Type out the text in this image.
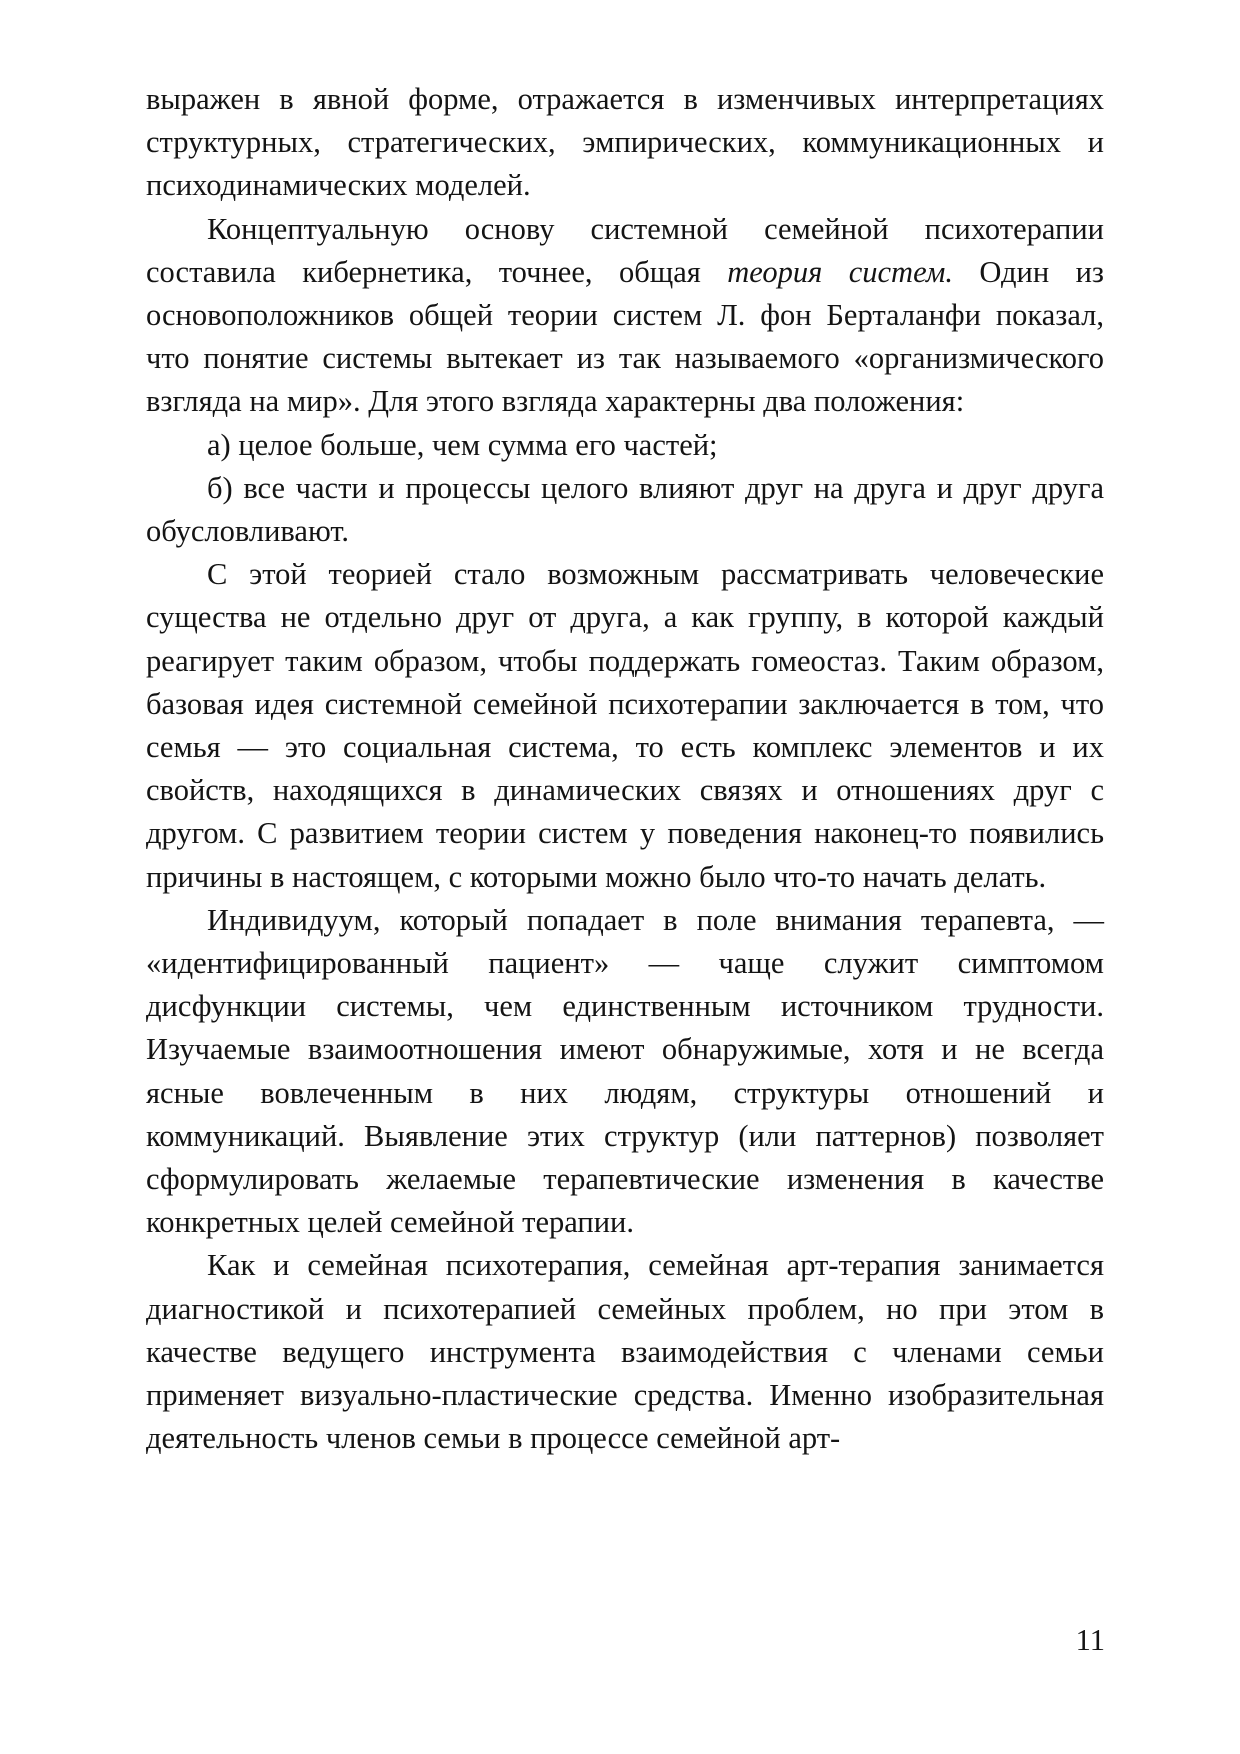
выражен в явной форме, отражается в изменчивых интерпретациях структурных, стратегических, эмпирических, коммуникационных и психодинамических моделей.

Концептуальную основу системной семейной психотерапии составила кибернетика, точнее, общая теория систем. Один из основоположников общей теории систем Л. фон Берталанфи показал, что понятие системы вытекает из так называемого «организмического взгляда на мир». Для этого взгляда характерны два положения:

а) целое больше, чем сумма его частей;

б) все части и процессы целого влияют друг на друга и друг друга обусловливают.

С этой теорией стало возможным рассматривать человеческие существа не отдельно друг от друга, а как группу, в которой каждый реагирует таким образом, чтобы поддержать гомеостаз. Таким образом, базовая идея системной семейной психотерапии заключается в том, что семья — это социальная система, то есть комплекс элементов и их свойств, находящихся в динамических связях и отношениях друг с другом. С развитием теории систем у поведения наконец-то появились причины в настоящем, с которыми можно было что-то начать делать.

Индивидуум, который попадает в поле внимания терапевта, — «идентифицированный пациент» — чаще служит симптомом дисфункции системы, чем единственным источником трудности. Изучаемые взаимоотношения имеют обнаружимые, хотя и не всегда ясные вовлеченным в них людям, структуры отношений и коммуникаций. Выявление этих структур (или паттернов) позволяет сформулировать желаемые терапевтические изменения в качестве конкретных целей семейной терапии.

Как и семейная психотерапия, семейная арт-терапия занимается диагностикой и психотерапией семейных проблем, но при этом в качестве ведущего инструмента взаимодействия с членами семьи применяет визуально-пластические средства. Именно изобразительная деятельность членов семьи в процессе семейной арт-

11
